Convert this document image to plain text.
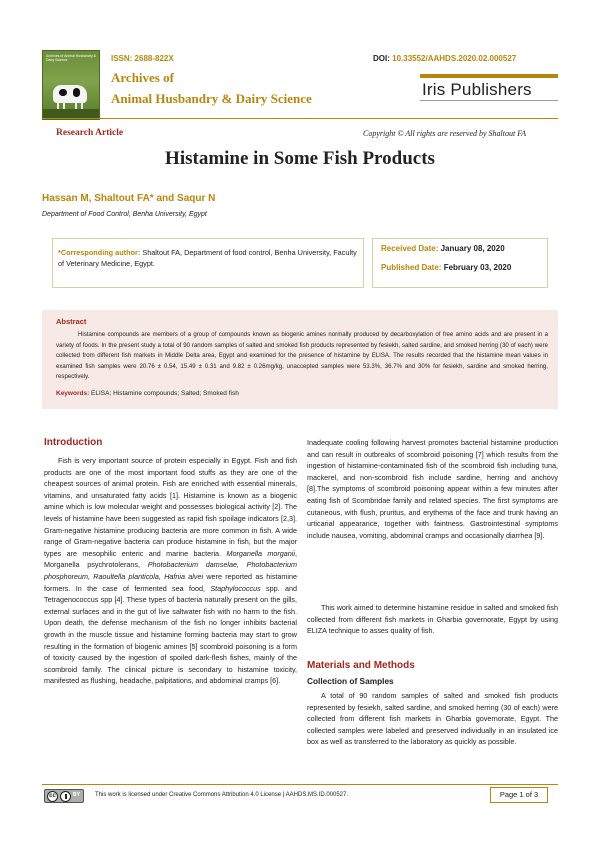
Archives of Animal Husbandry & Dairy Science	ISSN: 2688-822X
Archives of
Animal Husbandry & Dairy Science
DOI: 10.33552/AAHDS.2020.02.000527
Iris Publishers
Research Article	Copyright © All rights are reserved by Shaltout FA
Histamine in Some Fish Products
Hassan M, Shaltout FA* and Saqur N
Department of Food Control, Benha University, Egypt
*Corresponding author: Shaltout FA, Department of food control, Benha University, Faculty of Veterinary Medicine, Egypt.
Received Date: January 08, 2020
Published Date: February 03, 2020
Abstract
Histamine compounds are members of a group of compounds known as biogenic amines normally produced by decarboxylation of free amino acids and are present in a variety of foods. In the present study a total of 90 random samples of salted and smoked fish products represented by fesiekh, salted sardine, and smoked herring (30 of each) were collected from different fish markets in Middle Delta area, Egypt and examined for the presence of histamine by ELISA. The results recorded that the histamine mean values in examined fish samples were 20.76 ± 0.54, 15.49 ± 0.31 and 9.82 ± 0.26mg/kg, unaccepted samples were 53.3%, 36.7% and 30% for fesiekh, sardine and smoked herring, respectively.
Keywords: ELISA; Histamine compounds; Salted; Smoked fish
Introduction
Fish is very important source of protein especially in Egypt. Fish and fish products are one of the most important food stuffs as they are one of the cheapest sources of animal protein. Fish are enriched with essential minerals, vitamins, and unsaturated fatty acids [1]. Histamine is known as a biogenic amine which is low molecular weight and possesses biological activity [2]. The levels of histamine have been suggested as rapid fish spoilage indicators [2,3]. Gram-negative histamine producing bacteria are more common in fish. A wide range of Gram-negative bacteria can produce histamine in fish, but the major types are mesophilic enteric and marine bacteria. Morganella morganii, Morganella psychrotolerans, Photobacterium damselae, Photobacterium phosphoreum, Raoultella planticola, Hafnia alvei were reported as histamine formers. In the case of fermented sea food, Staphylococcus spp. and Tetragenococcus spp [4]. These types of bacteria naturally present on the gills, external surfaces and in the gut of live saltwater fish with no harm to the fish. Upon death, the defense mechanism of the fish no longer inhibits bacterial growth in the muscle tissue and histamine forming bacteria may start to grow resulting in the formation of biogenic amines [5] scombroid poisoning is a form of toxicity caused by the ingestion of spoiled dark-flesh fishes, mainly of the scombroid family. The clinical picture is secondary to histamine toxicity, manifested as flushing, headache, palpitations, and abdominal cramps [6].
Inadequate cooling following harvest promotes bacterial histamine production and can result in outbreaks of scombroid poisoning [7] which results from the ingestion of histamine-contaminated fish of the scombroid fish including tuna, mackerel, and non-scombroid fish include sardine, herring and anchovy [8].The symptoms of scombroid poisoning appear within a few minutes after eating fish of Scombridae family and related species. The first symptoms are cutaneous, with flush, pruritus, and erythema of the face and trunk having an urticarial appearance, together with faintness. Gastrointestinal symptoms include nausea, vomiting, abdominal cramps and occasionally diarrhea [9].
This work aimed to determine histamine residue in salted and smoked fish collected from different fish markets in Gharbia governorate, Egypt by using ELIZA technique to asses quality of fish.
Materials and Methods
Collection of Samples
A total of 90 random samples of salted and smoked fish products represented by fesiekh, salted sardine, and smoked herring (30 of each) were collected from different fish markets in Gharbia governorate, Egypt. The collected samples were labeled and preserved individually in an insulated ice box as well as transferred to the laboratory as quickly as possible.
cc	BY	This work is licensed under Creative Commons Attribution 4.0 License | AAHDS.MS.ID.000527.	Page 1 of 3
